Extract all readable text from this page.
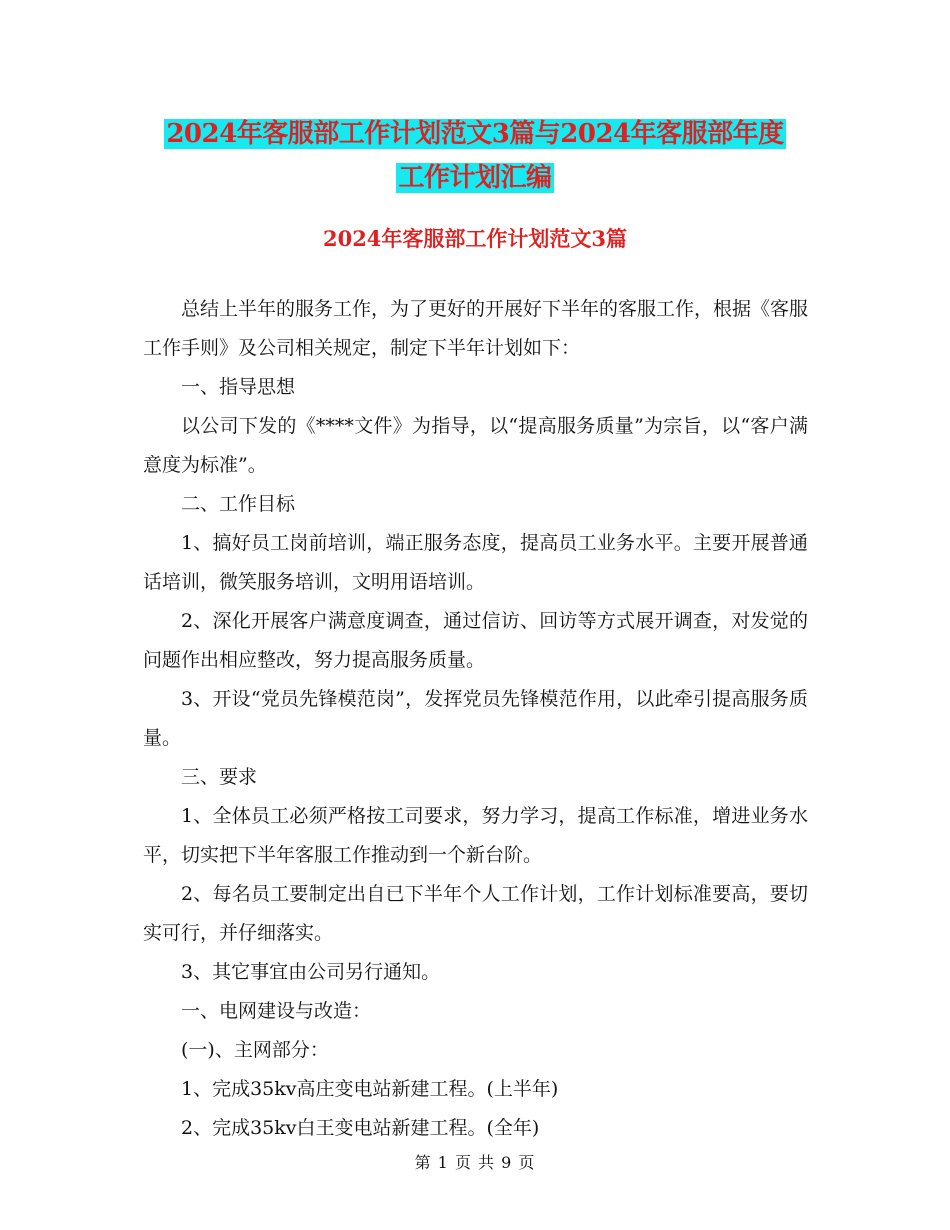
2024年客服部工作计划范文3篇与2024年客服部年度
工作计划汇编
2024年客服部工作计划范文3篇

总结上半年的服务工作，为了更好的开展好下半年的客服工作，根据《客服工作手则》及公司相关规定，制定下半年计划如下：

一、指导思想

以公司下发的《****文件》为指导，以“提高服务质量”为宗旨，以“客户满意度为标准”。

二、工作目标

1、搞好员工岗前培训，端正服务态度，提高员工业务水平。主要开展普通话培训，微笑服务培训，文明用语培训。

2、深化开展客户满意度调查，通过信访、回访等方式展开调查，对发觉的问题作出相应整改，努力提高服务质量。

3、开设“党员先锋模范岗”，发挥党员先锋模范作用，以此牵引提高服务质量。

三、要求

1、全体员工必须严格按工司要求，努力学习，提高工作标准，增进业务水平，切实把下半年客服工作推动到一个新台阶。

2、每名员工要制定出自已下半年个人工作计划，工作计划标准要高，要切实可行，并仔细落实。

3、其它事宜由公司另行通知。

一、电网建设与改造：

(一)、主网部分：

1、完成35kv高庄变电站新建工程。(上半年)

2、完成35kv白王变电站新建工程。(全年)

第 1 页 共 9 页
